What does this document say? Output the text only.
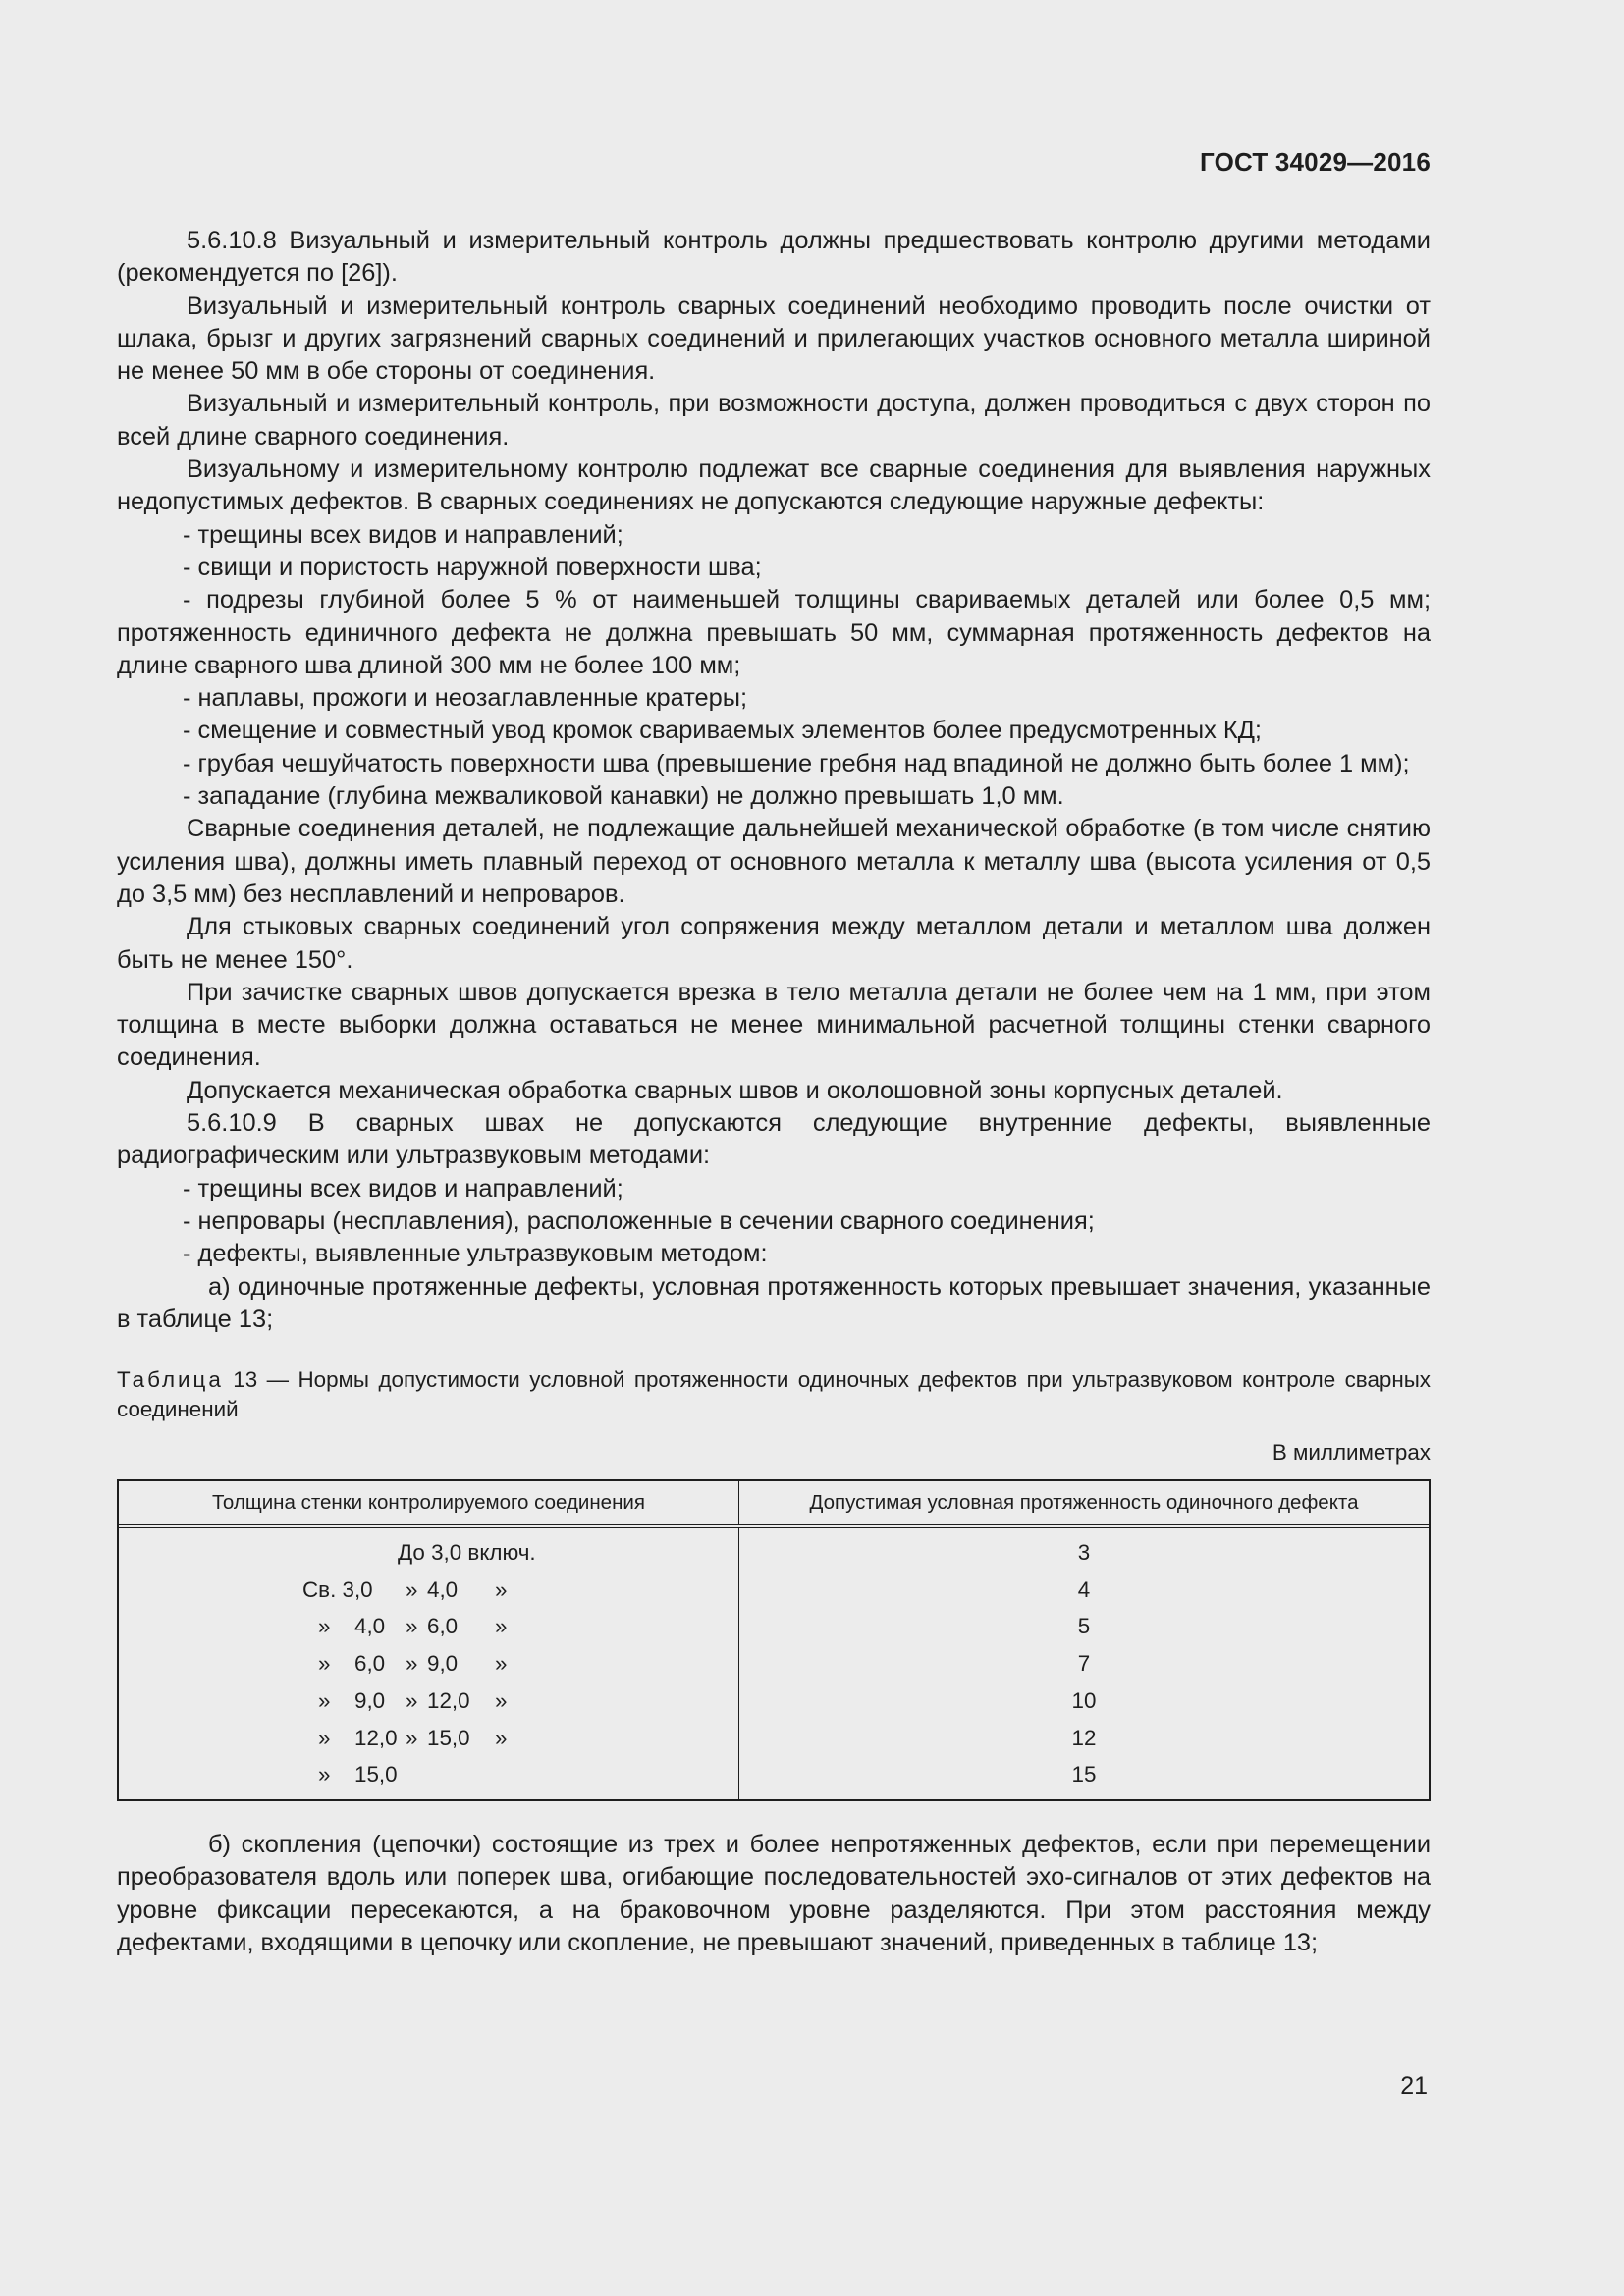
ГОСТ 34029—2016

5.6.10.8 Визуальный и измерительный контроль должны предшествовать контролю другими методами (рекомендуется по [26]).

Визуальный и измерительный контроль сварных соединений необходимо проводить после очистки от шлака, брызг и других загрязнений сварных соединений и прилегающих участков основного металла шириной не менее 50 мм в обе стороны от соединения.

Визуальный и измерительный контроль, при возможности доступа, должен проводиться с двух сторон по всей длине сварного соединения.

Визуальному и измерительному контролю подлежат все сварные соединения для выявления наружных недопустимых дефектов. В сварных соединениях не допускаются следующие наружные дефекты:

- трещины всех видов и направлений;

- свищи и пористость наружной поверхности шва;

- подрезы глубиной более 5 % от наименьшей толщины свариваемых деталей или более 0,5 мм; протяженность единичного дефекта не должна превышать 50 мм, суммарная протяженность дефектов на длине сварного шва длиной 300 мм не более 100 мм;

- наплавы, прожоги и неозаглавленные кратеры;

- смещение и совместный увод кромок свариваемых элементов более предусмотренных КД;

- грубая чешуйчатость поверхности шва (превышение гребня над впадиной не должно быть более 1 мм);

- западание (глубина межваликовой канавки) не должно превышать 1,0 мм.

Сварные соединения деталей, не подлежащие дальнейшей механической обработке (в том числе снятию усиления шва), должны иметь плавный переход от основного металла к металлу шва (высота усиления от 0,5 до 3,5 мм) без несплавлений и непроваров.

Для стыковых сварных соединений угол сопряжения между металлом детали и металлом шва должен быть не менее 150°.

При зачистке сварных швов допускается врезка в тело металла детали не более чем на 1 мм, при этом толщина в месте выборки должна оставаться не менее минимальной расчетной толщины стенки сварного соединения.

Допускается механическая обработка сварных швов и околошовной зоны корпусных деталей.

5.6.10.9 В сварных швах не допускаются следующие внутренние дефекты, выявленные радиографическим или ультразвуковым методами:

- трещины всех видов и направлений;

- непровары (несплавления), расположенные в сечении сварного соединения;

- дефекты, выявленные ультразвуковым методом:

а) одиночные протяженные дефекты, условная протяженность которых превышает значения, указанные в таблице 13;

Таблица 13 — Нормы допустимости условной протяженности одиночных дефектов при ультразвуковом контроле сварных соединений
В миллиметрах
Толщина стенки контролируемого соединения	Допустимая условная протяженность одиночного дефекта
До 3,0 включ.
Св. 3,0 » 4,0 »
» 4,0 » 6,0 »
» 6,0 » 9,0 »
» 9,0 » 12,0 »
» 12,0 » 15,0 »
» 15,0
3
4
5
7
10
12
15

б) скопления (цепочки) состоящие из трех и более непротяженных дефектов, если при перемещении преобразователя вдоль или поперек шва, огибающие последовательностей эхо-сигналов от этих дефектов на уровне фиксации пересекаются, а на браковочном уровне разделяются. При этом расстояния между дефектами, входящими в цепочку или скопление, не превышают значений, приведенных в таблице 13;

21
